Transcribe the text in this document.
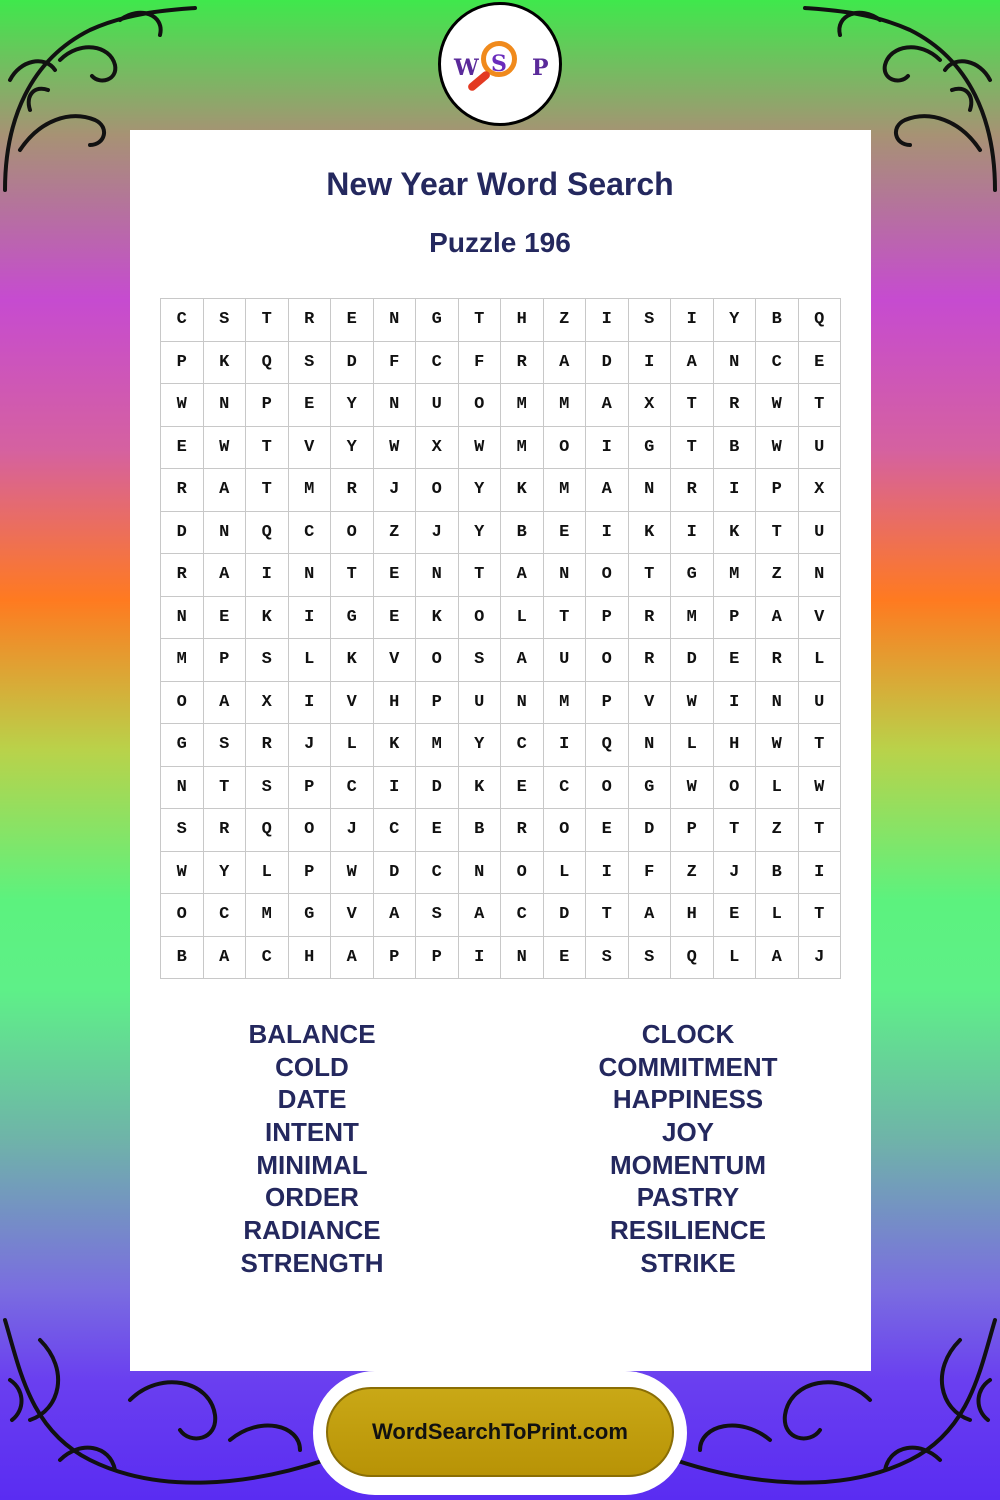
W S P
New Year Word Search
Puzzle 196
C	S	T	R	E	N	G	T	H	Z	I	S	I	Y	B	Q
P	K	Q	S	D	F	C	F	R	A	D	I	A	N	C	E
W	N	P	E	Y	N	U	O	M	M	A	X	T	R	W	T
E	W	T	V	Y	W	X	W	M	O	I	G	T	B	W	U
R	A	T	M	R	J	O	Y	K	M	A	N	R	I	P	X
D	N	Q	C	O	Z	J	Y	B	E	I	K	I	K	T	U
R	A	I	N	T	E	N	T	A	N	O	T	G	M	Z	N
N	E	K	I	G	E	K	O	L	T	P	R	M	P	A	V
M	P	S	L	K	V	O	S	A	U	O	R	D	E	R	L
O	A	X	I	V	H	P	U	N	M	P	V	W	I	N	U
G	S	R	J	L	K	M	Y	C	I	Q	N	L	H	W	T
N	T	S	P	C	I	D	K	E	C	O	G	W	O	L	W
S	R	Q	O	J	C	E	B	R	O	E	D	P	T	Z	T
W	Y	L	P	W	D	C	N	O	L	I	F	Z	J	B	I
O	C	M	G	V	A	S	A	C	D	T	A	H	E	L	T
B	A	C	H	A	P	P	I	N	E	S	S	Q	L	A	J
BALANCE
COLD
DATE
INTENT
MINIMAL
ORDER
RADIANCE
STRENGTH
CLOCK
COMMITMENT
HAPPINESS
JOY
MOMENTUM
PASTRY
RESILIENCE
STRIKE
WordSearchToPrint.com
